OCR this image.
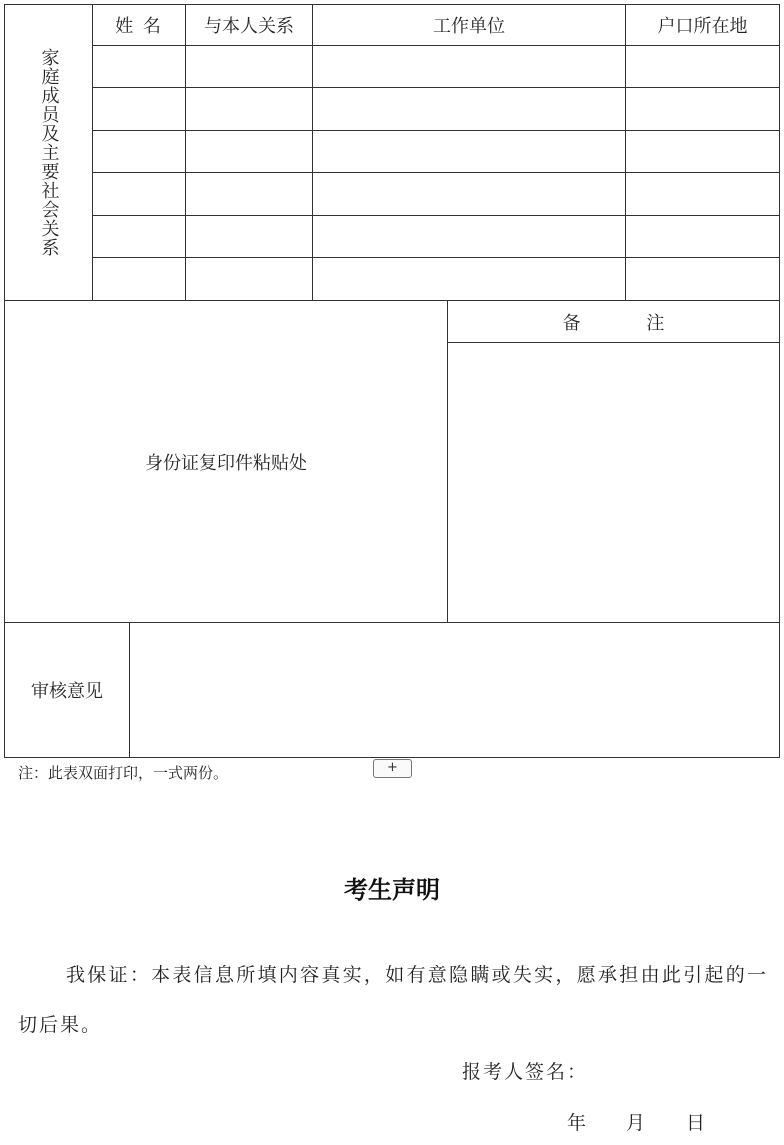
家庭成员及主要社会关系
姓 名	与本人关系	工作单位	户口所在地
身份证复印件粘贴处
备 注
审核意见
注：此表双面打印，一式两份。	+
考生声明
我保证：本表信息所填内容真实，如有意隐瞒或失实，愿承担由此引起的一切后果。
报考人签名：
年 月 日
